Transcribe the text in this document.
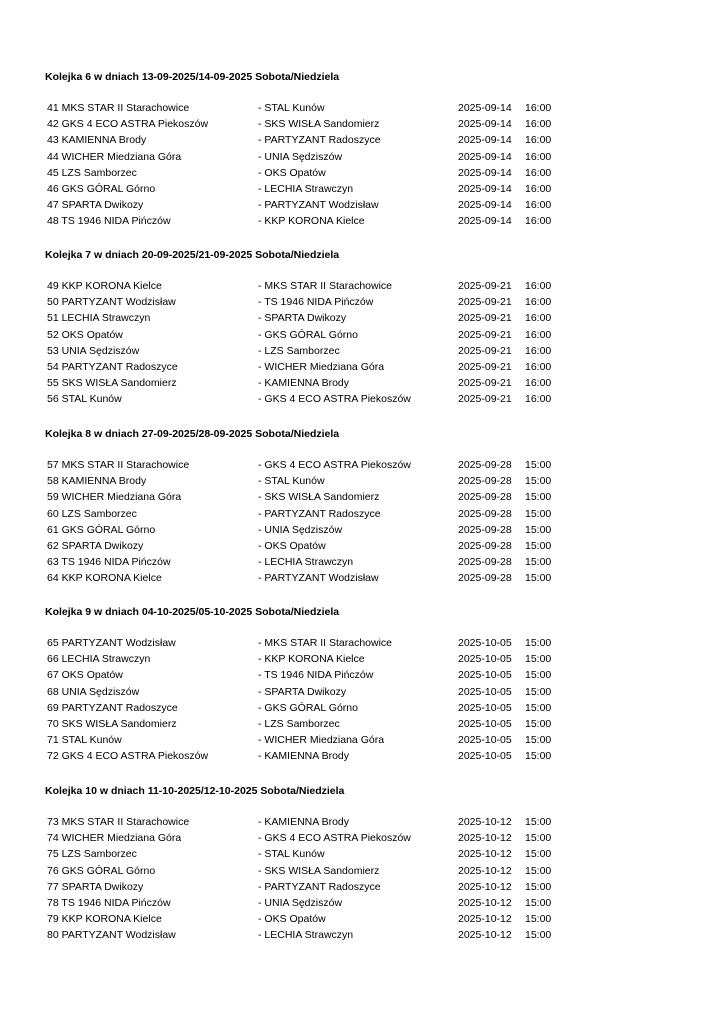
Kolejka 6 w dniach 13-09-2025/14-09-2025 Sobota/Niedziela
41 MKS STAR II Starachowice	- STAL Kunów	2025-09-14 16:00
42 GKS 4 ECO ASTRA Piekoszów	- SKS WISŁA Sandomierz	2025-09-14 16:00
43 KAMIENNA Brody	- PARTYZANT Radoszyce	2025-09-14 16:00
44 WICHER Miedziana Góra	- UNIA Sędziszów	2025-09-14 16:00
45 LZS Samborzec	- OKS Opatów	2025-09-14 16:00
46 GKS GÓRAL Górno	- LECHIA Strawczyn	2025-09-14 16:00
47 SPARTA Dwikozy	- PARTYZANT Wodzisław	2025-09-14 16:00
48 TS 1946 NIDA Pińczów	- KKP KORONA Kielce	2025-09-14 16:00
Kolejka 7 w dniach 20-09-2025/21-09-2025 Sobota/Niedziela
49 KKP KORONA Kielce	- MKS STAR II Starachowice	2025-09-21 16:00
50 PARTYZANT Wodzisław	- TS 1946 NIDA Pińczów	2025-09-21 16:00
51 LECHIA Strawczyn	- SPARTA Dwikozy	2025-09-21 16:00
52 OKS Opatów	- GKS GÓRAL Górno	2025-09-21 16:00
53 UNIA Sędziszów	- LZS Samborzec	2025-09-21 16:00
54 PARTYZANT Radoszyce	- WICHER Miedziana Góra	2025-09-21 16:00
55 SKS WISŁA Sandomierz	- KAMIENNA Brody	2025-09-21 16:00
56 STAL Kunów	- GKS 4 ECO ASTRA Piekoszów	2025-09-21 16:00
Kolejka 8 w dniach 27-09-2025/28-09-2025 Sobota/Niedziela
57 MKS STAR II Starachowice	- GKS 4 ECO ASTRA Piekoszów	2025-09-28 15:00
58 KAMIENNA Brody	- STAL Kunów	2025-09-28 15:00
59 WICHER Miedziana Góra	- SKS WISŁA Sandomierz	2025-09-28 15:00
60 LZS Samborzec	- PARTYZANT Radoszyce	2025-09-28 15:00
61 GKS GÓRAL Górno	- UNIA Sędziszów	2025-09-28 15:00
62 SPARTA Dwikozy	- OKS Opatów	2025-09-28 15:00
63 TS 1946 NIDA Pińczów	- LECHIA Strawczyn	2025-09-28 15:00
64 KKP KORONA Kielce	- PARTYZANT Wodzisław	2025-09-28 15:00
Kolejka 9 w dniach 04-10-2025/05-10-2025 Sobota/Niedziela
65 PARTYZANT Wodzisław	- MKS STAR II Starachowice	2025-10-05 15:00
66 LECHIA Strawczyn	- KKP KORONA Kielce	2025-10-05 15:00
67 OKS Opatów	- TS 1946 NIDA Pińczów	2025-10-05 15:00
68 UNIA Sędziszów	- SPARTA Dwikozy	2025-10-05 15:00
69 PARTYZANT Radoszyce	- GKS GÓRAL Górno	2025-10-05 15:00
70 SKS WISŁA Sandomierz	- LZS Samborzec	2025-10-05 15:00
71 STAL Kunów	- WICHER Miedziana Góra	2025-10-05 15:00
72 GKS 4 ECO ASTRA Piekoszów	- KAMIENNA Brody	2025-10-05 15:00
Kolejka 10 w dniach 11-10-2025/12-10-2025 Sobota/Niedziela
73 MKS STAR II Starachowice	- KAMIENNA Brody	2025-10-12 15:00
74 WICHER Miedziana Góra	- GKS 4 ECO ASTRA Piekoszów	2025-10-12 15:00
75 LZS Samborzec	- STAL Kunów	2025-10-12 15:00
76 GKS GÓRAL Górno	- SKS WISŁA Sandomierz	2025-10-12 15:00
77 SPARTA Dwikozy	- PARTYZANT Radoszyce	2025-10-12 15:00
78 TS 1946 NIDA Pińczów	- UNIA Sędziszów	2025-10-12 15:00
79 KKP KORONA Kielce	- OKS Opatów	2025-10-12 15:00
80 PARTYZANT Wodzisław	- LECHIA Strawczyn	2025-10-12 15:00
